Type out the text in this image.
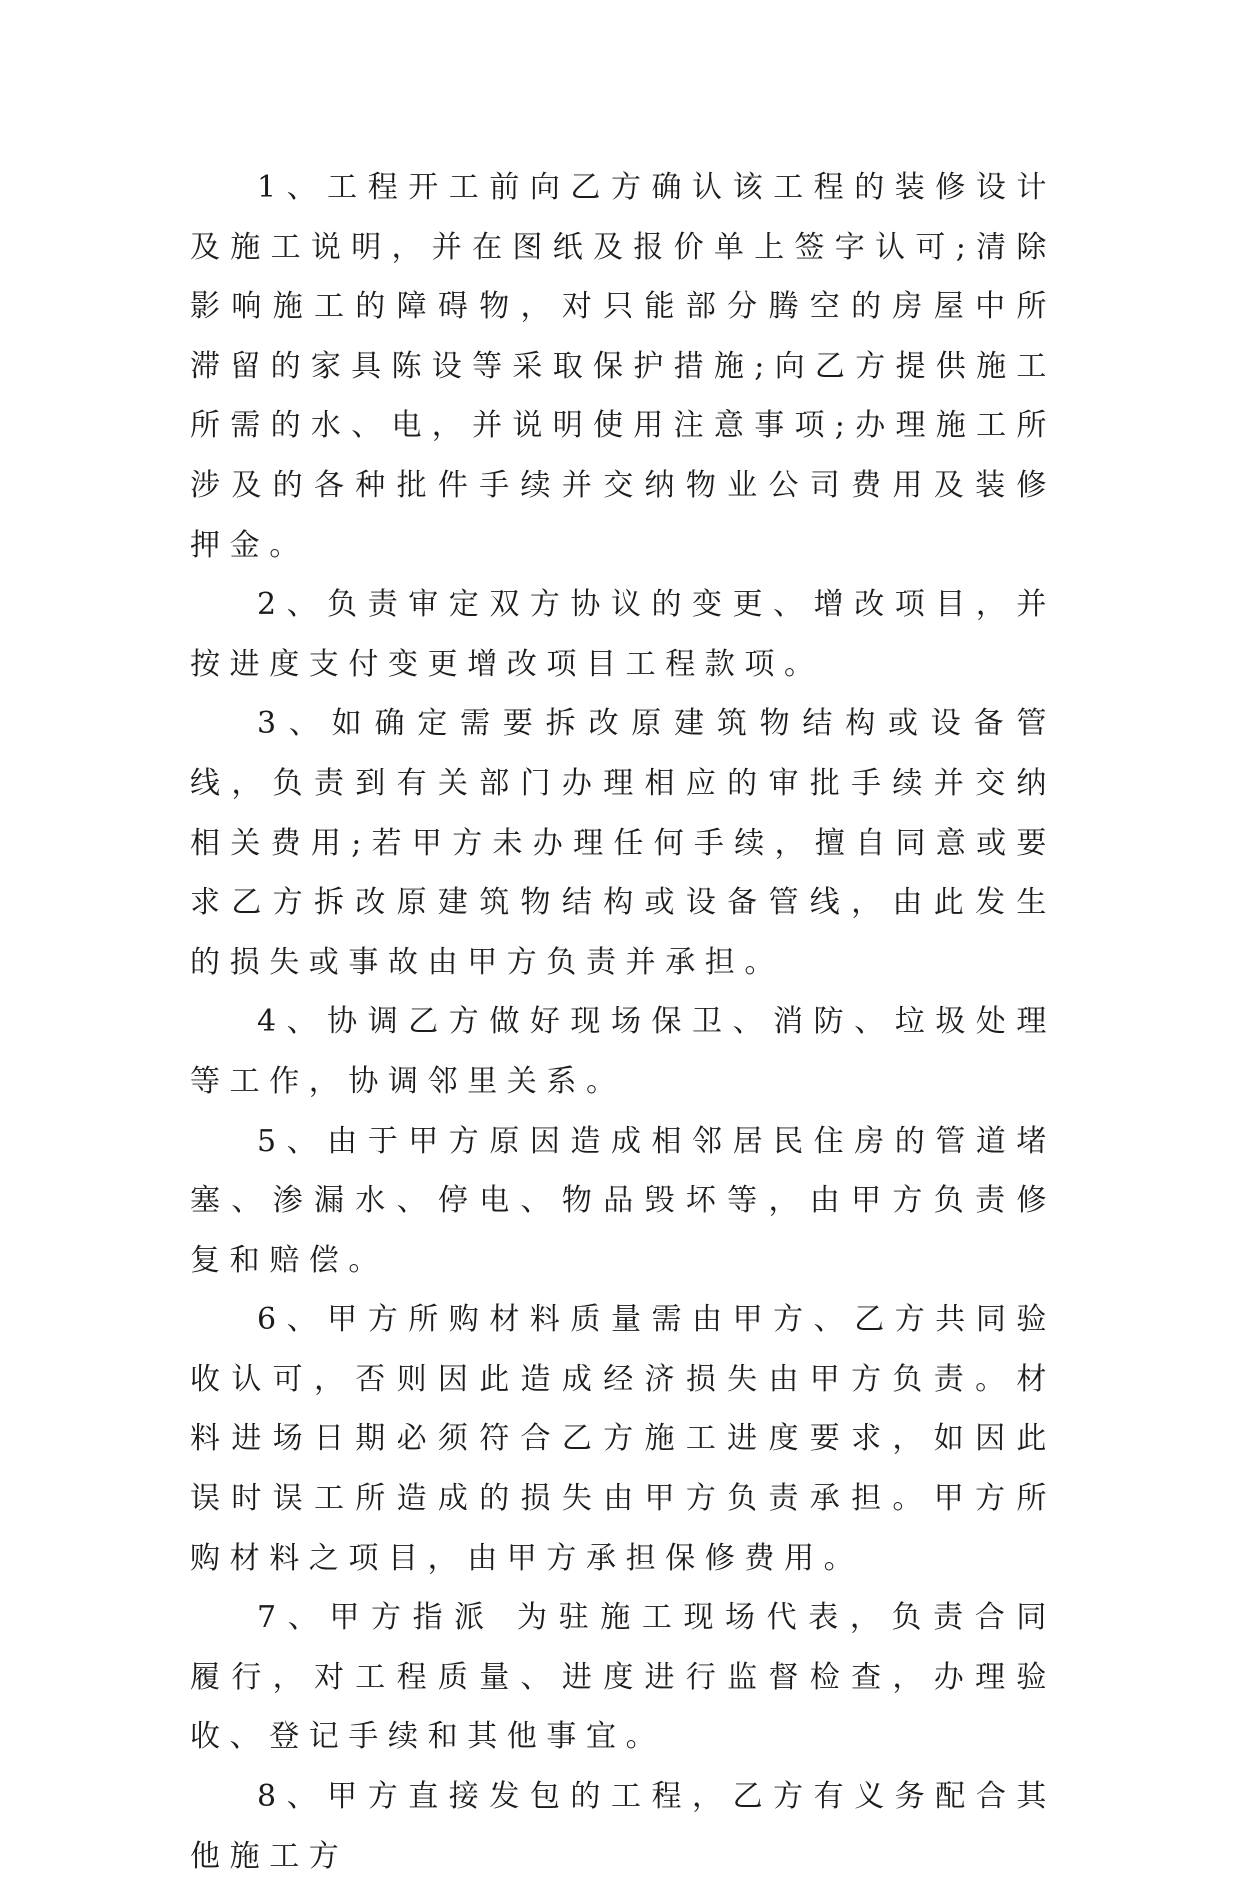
1、工程开工前向乙方确认该工程的装修设计及施工说明，并在图纸及报价单上签字认可;清除影响施工的障碍物，对只能部分腾空的房屋中所滞留的家具陈设等采取保护措施;向乙方提供施工所需的水、电，并说明使用注意事项;办理施工所涉及的各种批件手续并交纳物业公司费用及装修押金。

2、负责审定双方协议的变更、增改项目，并按进度支付变更增改项目工程款项。

3、如确定需要拆改原建筑物结构或设备管线，负责到有关部门办理相应的审批手续并交纳相关费用;若甲方未办理任何手续，擅自同意或要求乙方拆改原建筑物结构或设备管线，由此发生的损失或事故由甲方负责并承担。

4、协调乙方做好现场保卫、消防、垃圾处理等工作，协调邻里关系。

5、由于甲方原因造成相邻居民住房的管道堵塞、渗漏水、停电、物品毁坏等，由甲方负责修复和赔偿。

6、甲方所购材料质量需由甲方、乙方共同验收认可，否则因此造成经济损失由甲方负责。材料进场日期必须符合乙方施工进度要求，如因此误时误工所造成的损失由甲方负责承担。甲方所购材料之项目，由甲方承担保修费用。

7、甲方指派 为驻施工现场代表，负责合同履行，对工程质量、进度进行监督检查，办理验收、登记手续和其他事宜。

8、甲方直接发包的工程，乙方有义务配合其他施工方
